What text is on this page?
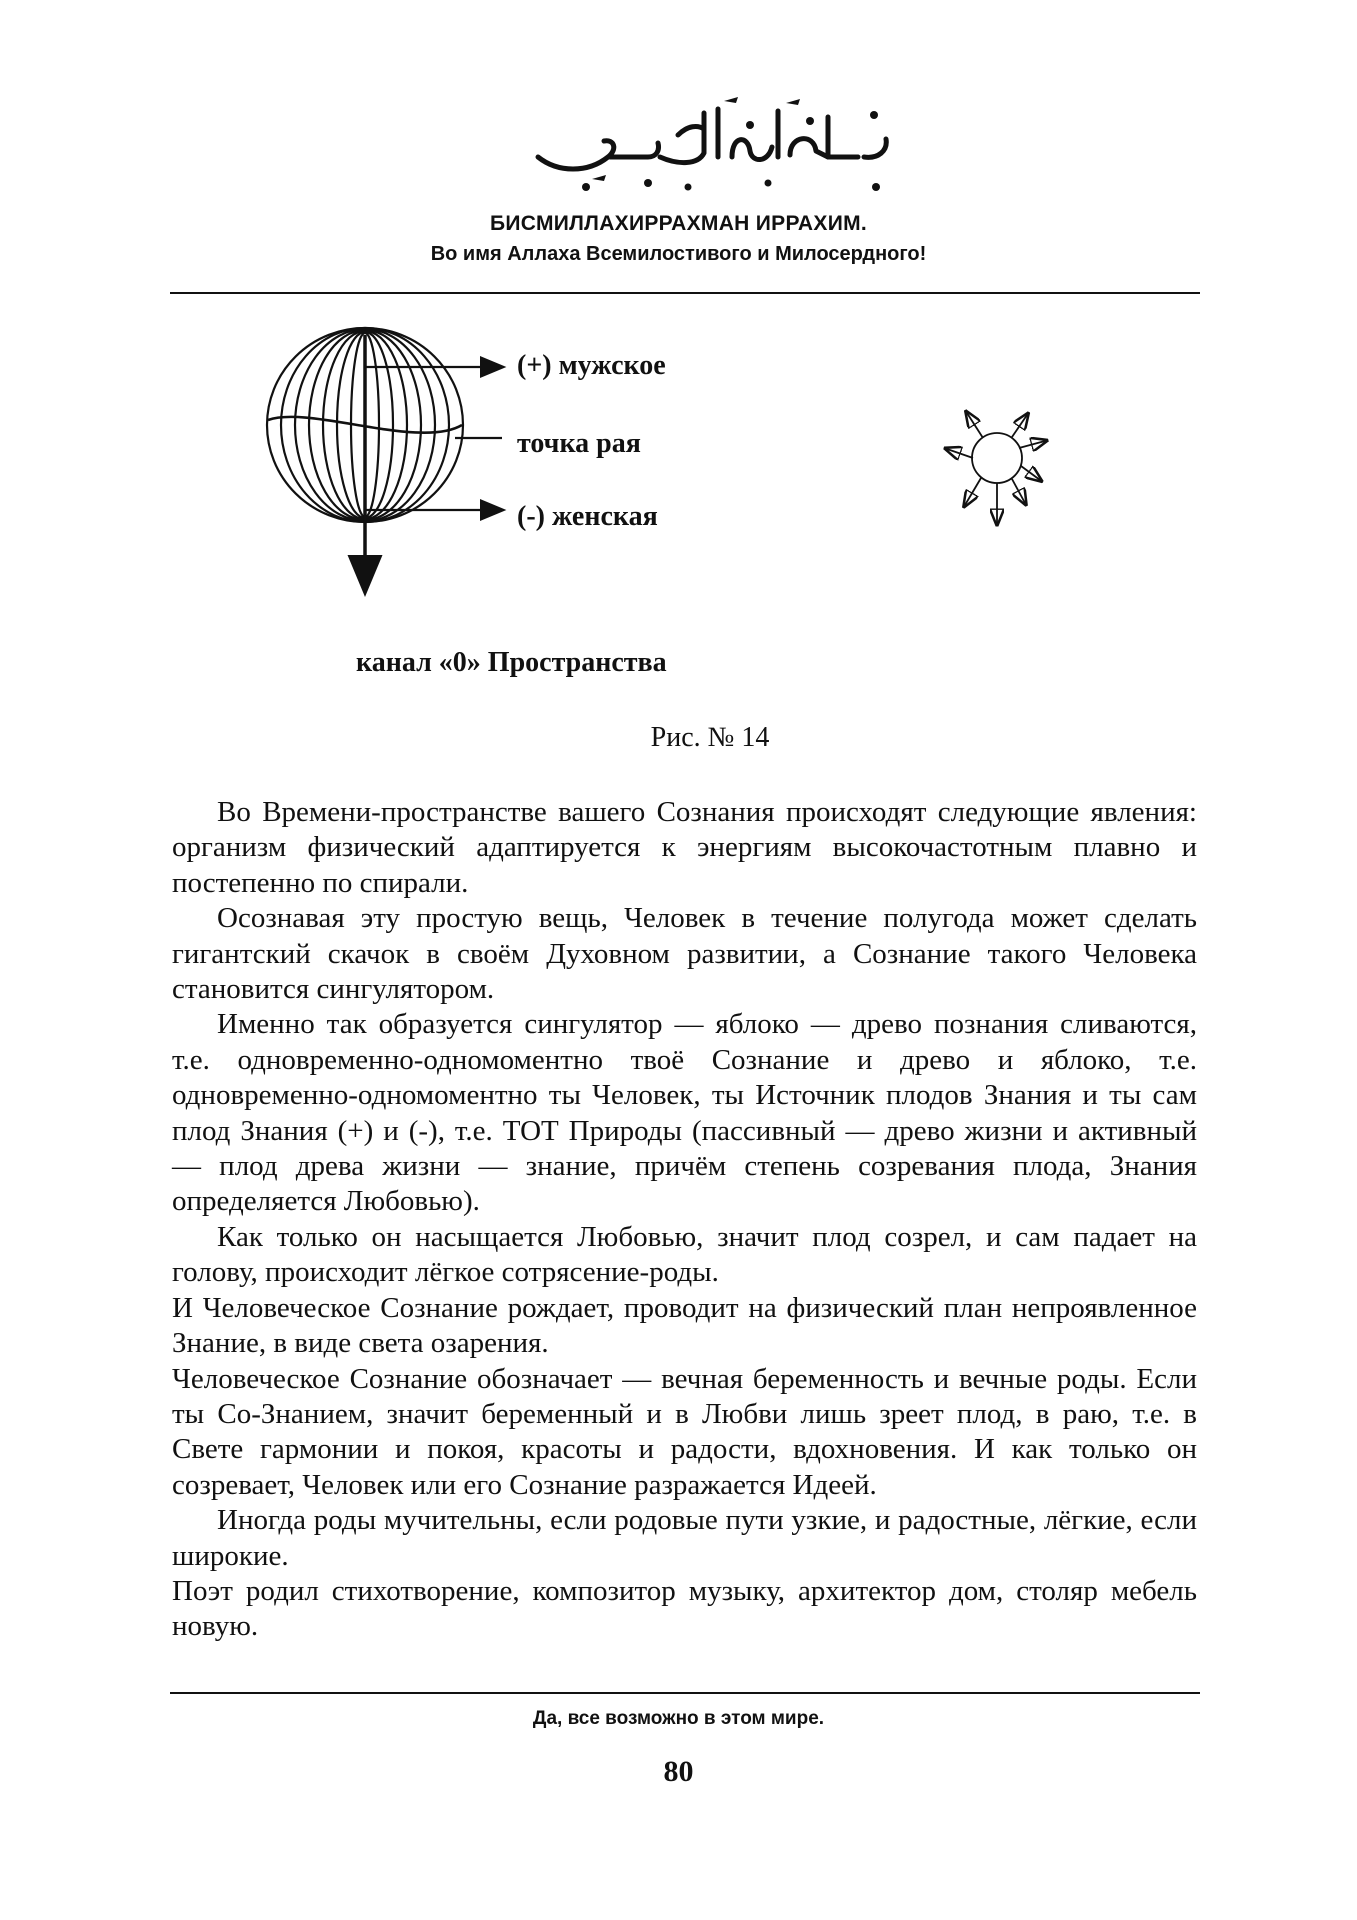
БИСМИЛЛАХИРРАХМАН ИРРАХИМ.
Во имя Аллаха Всемилостивого и Милосердного!
(+) мужское
точка рая
(-) женская
канал «0» Пространства
Рис. № 14

Во Времени-пространстве вашего Сознания происходят следующие явления: организм физический адаптируется к энергиям высокочастотным плавно и постепенно по спирали.

Осознавая эту простую вещь, Человек в течение полугода может сделать гигантский скачок в своём Духовном развитии, а Сознание такого Человека становится сингулятором.

Именно так образуется сингулятор — яблоко — древо познания сливаются, т.е. одновременно-одномоментно твоё Сознание и древо и яблоко, т.е. одновременно-одномоментно ты Человек, ты Источник плодов Знания и ты сам плод Знания (+) и (-), т.е. ТОТ Природы (пассивный — древо жизни и активный — плод древа жизни — знание, причём степень созревания плода, Знания определяется Любовью).

Как только он насыщается Любовью, значит плод созрел, и сам падает на голову, происходит лёгкое сотрясение-роды.

И Человеческое Сознание рождает, проводит на физический план непроявленное Знание, в виде света озарения.

Человеческое Сознание обозначает — вечная беременность и вечные роды. Если ты Со-Знанием, значит беременный и в Любви лишь зреет плод, в раю, т.е. в Свете гармонии и покоя, красоты и радости, вдохновения. И как только он созревает, Человек или его Сознание разражается Идеей.

Иногда роды мучительны, если родовые пути узкие, и радостные, лёгкие, если широкие.

Поэт родил стихотворение, композитор музыку, архитектор дом, столяр мебель новую.

Да, все возможно в этом мире.
80
